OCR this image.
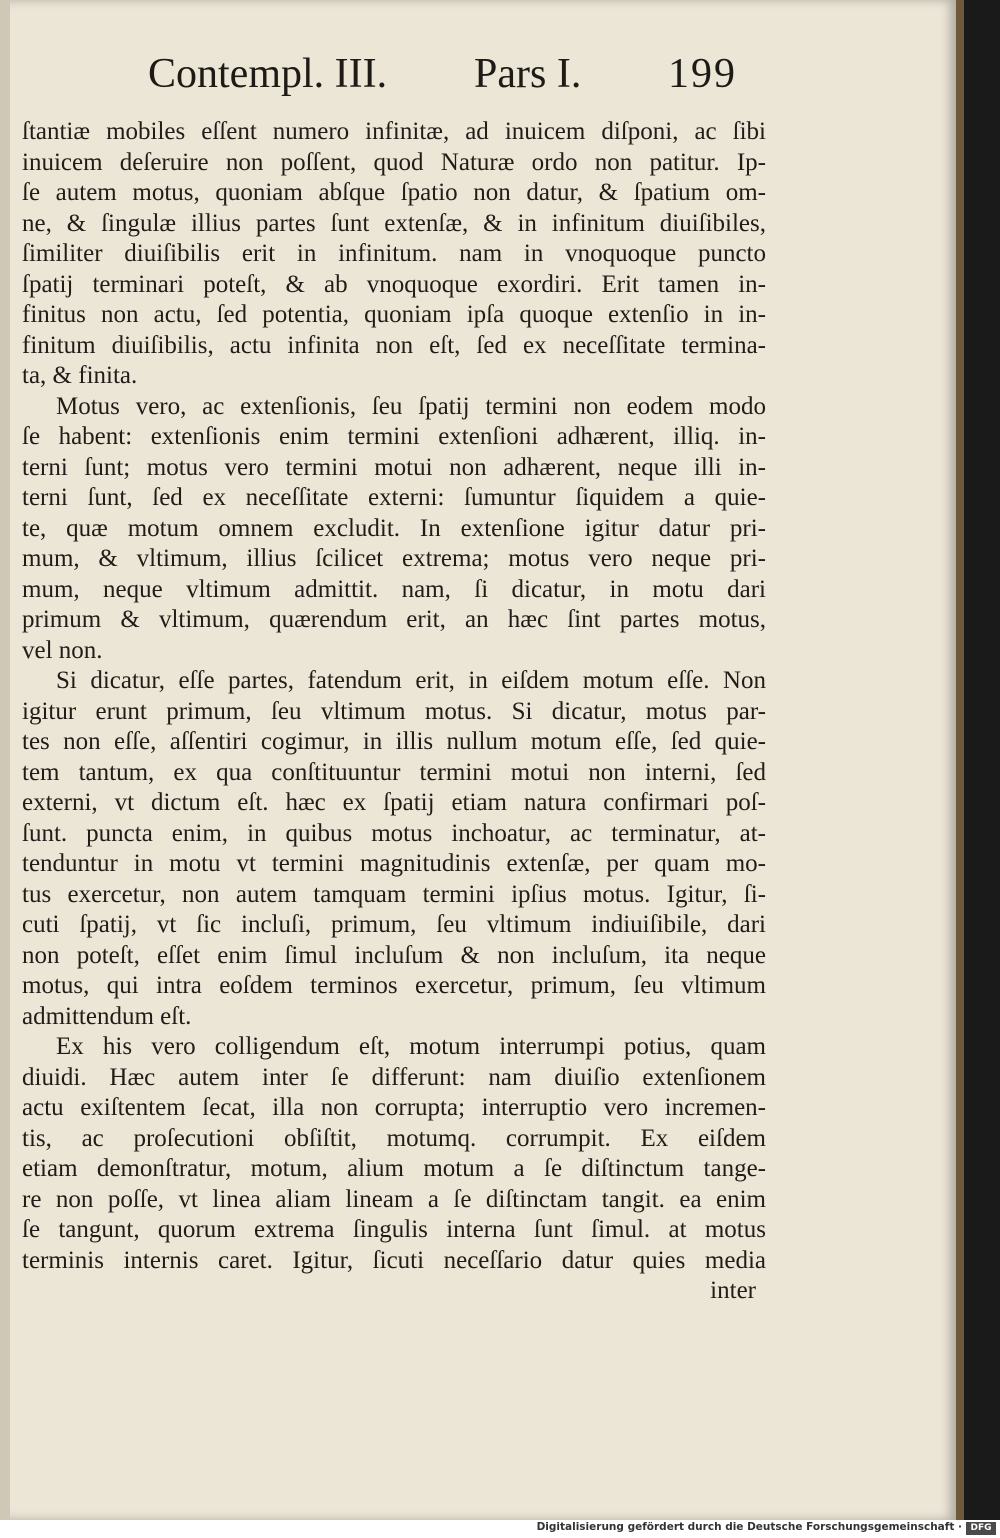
Contempl. III. Pars I. 199
ſtantiæ mobiles eſſent numero infinitæ, ad inuicem diſponi, ac ſibi
inuicem deſeruire non poſſent, quod Naturæ ordo non patitur. Ip-
ſe autem motus, quoniam abſque ſpatio non datur, & ſpatium om-
ne, & ſingulæ illius partes ſunt extenſæ, & in infinitum diuiſibiles,
ſimiliter diuiſibilis erit in infinitum. nam in vnoquoque puncto
ſpatij terminari poteſt, & ab vnoquoque exordiri. Erit tamen in-
finitus non actu, ſed potentia, quoniam ipſa quoque extenſio in in-
finitum diuiſibilis, actu infinita non eſt, ſed ex neceſſitate termina-
ta, & finita.
Motus vero, ac extenſionis, ſeu ſpatij termini non eodem modo
ſe habent: extenſionis enim termini extenſioni adhærent, illiq. in-
terni ſunt; motus vero termini motui non adhærent, neque illi in-
terni ſunt, ſed ex neceſſitate externi: ſumuntur ſiquidem a quie-
te, quæ motum omnem excludit. In extenſione igitur datur pri-
mum, & vltimum, illius ſcilicet extrema; motus vero neque pri-
mum, neque vltimum admittit. nam, ſi dicatur, in motu dari
primum & vltimum, quærendum erit, an hæc ſint partes motus,
vel non.
Si dicatur, eſſe partes, fatendum erit, in eiſdem motum eſſe. Non
igitur erunt primum, ſeu vltimum motus. Si dicatur, motus par-
tes non eſſe, aſſentiri cogimur, in illis nullum motum eſſe, ſed quie-
tem tantum, ex qua conſtituuntur termini motui non interni, ſed
externi, vt dictum eſt. hæc ex ſpatij etiam natura confirmari poſ-
ſunt. puncta enim, in quibus motus inchoatur, ac terminatur, at-
tenduntur in motu vt termini magnitudinis extenſæ, per quam mo-
tus exercetur, non autem tamquam termini ipſius motus. Igitur, ſi-
cuti ſpatij, vt ſic incluſi, primum, ſeu vltimum indiuiſibile, dari
non poteſt, eſſet enim ſimul incluſum & non incluſum, ita neque
motus, qui intra eoſdem terminos exercetur, primum, ſeu vltimum
admittendum eſt.
Ex his vero colligendum eſt, motum interrumpi potius, quam
diuidi. Hæc autem inter ſe differunt: nam diuiſio extenſionem
actu exiſtentem ſecat, illa non corrupta; interruptio vero incremen-
tis, ac proſecutioni obſiſtit, motumq. corrumpit. Ex eiſdem
etiam demonſtratur, motum, alium motum a ſe diſtinctum tange-
re non poſſe, vt linea aliam lineam a ſe diſtinctam tangit. ea enim
ſe tangunt, quorum extrema ſingulis interna ſunt ſimul. at motus
terminis internis caret. Igitur, ſicuti neceſſario datur quies media
inter
Digitalisierung gefördert durch die Deutsche Forschungsgemeinschaft · DFG
